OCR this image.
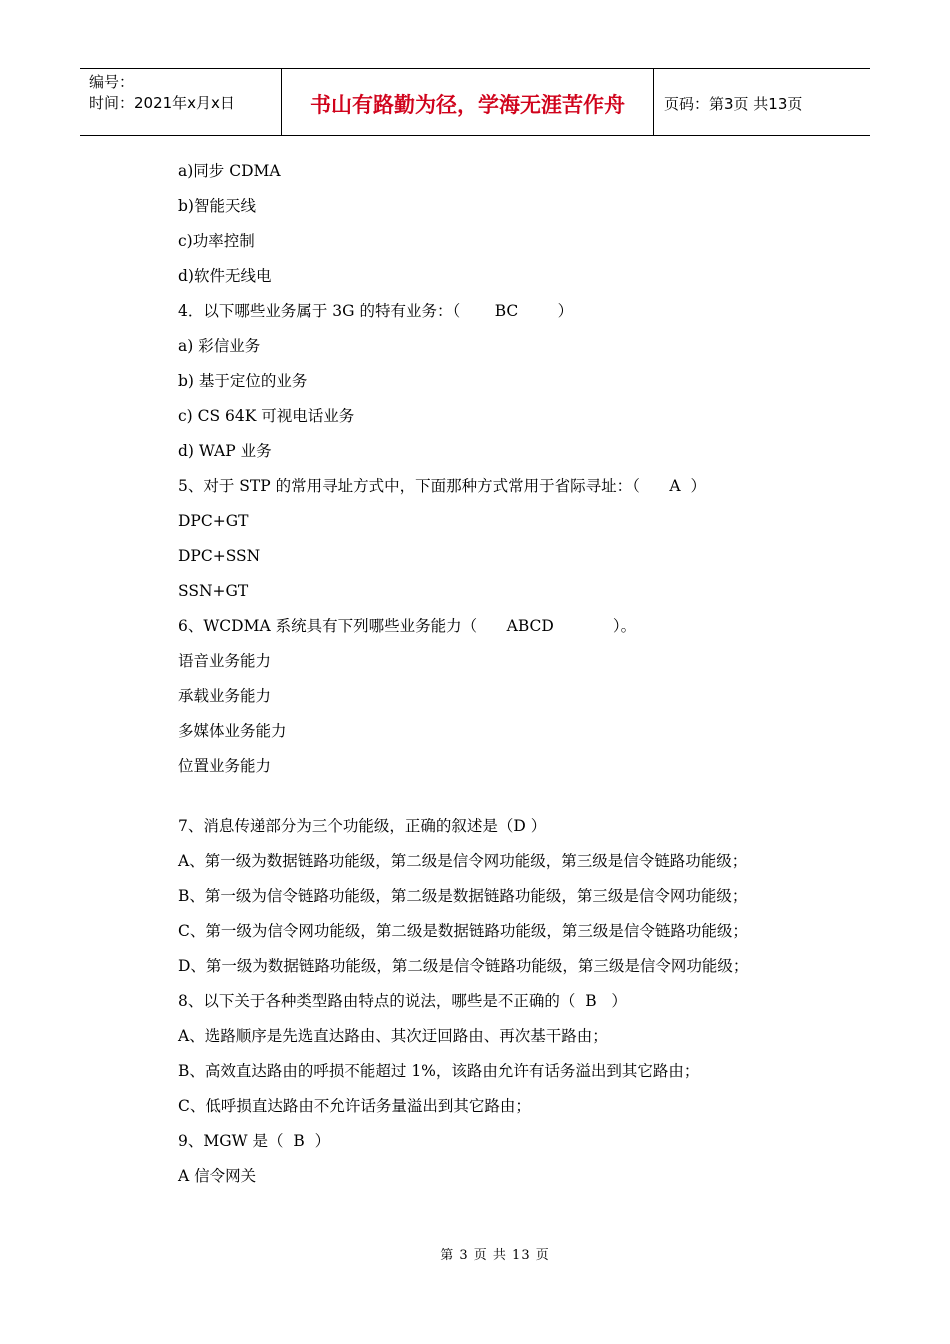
编号：
时间：2021年x月x日	书山有路勤为径，学海无涯苦作舟	页码：第3页 共13页
a)同步 CDMA
b)智能天线
c)功率控制
d)软件无线电
4．以下哪些业务属于 3G 的特有业务：（       BC        ）
a) 彩信业务
b) 基于定位的业务
c) CS 64K 可视电话业务
d) WAP 业务
5、对于 STP 的常用寻址方式中，下面那种方式常用于省际寻址：（      A  ）
DPC+GT
DPC+SSN
SSN+GT
6、WCDMA 系统具有下列哪些业务能力（      ABCD            ）。
语音业务能力
承载业务能力
多媒体业务能力
位置业务能力
7、消息传递部分为三个功能级，正确的叙述是（D ）
A、第一级为数据链路功能级，第二级是信令网功能级，第三级是信令链路功能级；
B、第一级为信令链路功能级，第二级是数据链路功能级，第三级是信令网功能级；
C、第一级为信令网功能级，第二级是数据链路功能级，第三级是信令链路功能级；
D、第一级为数据链路功能级，第二级是信令链路功能级，第三级是信令网功能级；
8、以下关于各种类型路由特点的说法，哪些是不正确的（  B   ）
A、选路顺序是先选直达路由、其次迂回路由、再次基干路由；
B、高效直达路由的呼损不能超过 1%，该路由允许有话务溢出到其它路由；
C、低呼损直达路由不允许话务量溢出到其它路由；
9、MGW 是（  B  ）
A 信令网关
第 3 页 共 13 页
